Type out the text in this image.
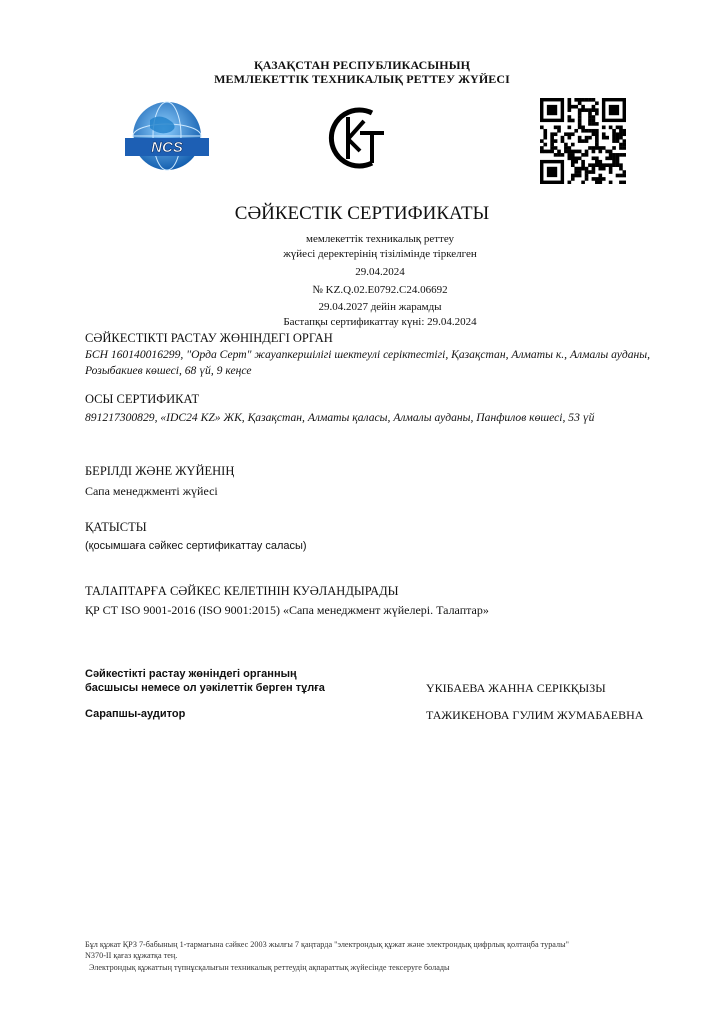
ҚАЗАҚСТАН РЕСПУБЛИКАСЫНЫҢ
МЕМЛЕКЕТТІК ТЕХНИКАЛЫҚ РЕТТЕУ ЖҮЙЕСІ
NCS
СӘЙКЕСТІК СЕРТИФИКАТЫ
мемлекеттік техникалық реттеу
жүйесі деректерінің тізілімінде тіркелген
29.04.2024
№ KZ.Q.02.E0792.C24.06692
29.04.2027 дейін жарамды
Бастапқы сертификаттау күні: 29.04.2024
СӘЙКЕСТІКТІ РАСТАУ ЖӨНІНДЕГІ ОРГАН
БСН 160140016299, "Орда Серт" жауапкершілігі шектеулі серіктестігі, Қазақстан, Алматы к., Алмалы ауданы,
Розыбакиев көшесі, 68 үй, 9 кеңсе
ОСЫ СЕРТИФИКАТ
891217300829, «IDC24 KZ» ЖК, Қазақстан, Алматы қаласы, Алмалы ауданы, Панфилов көшесі, 53 үй
БЕРІЛДІ ЖӘНЕ ЖҮЙЕНІҢ
Сапа менеджменті жүйесі
ҚАТЫСТЫ
(қосымшаға сәйкес сертификаттау саласы)
ТАЛАПТАРҒА СӘЙКЕС КЕЛЕТІНІН КУӘЛАНДЫРАДЫ
ҚР СТ ISO 9001-2016 (ISO 9001:2015) «Сапа менеджмент жүйелері. Талаптар»
Сәйкестікті растау жөніндегі органның
басшысы немесе ол уәкілеттік берген тұлға	ҮКІБАЕВА ЖАННА СЕРІКҚЫЗЫ
Сарапшы-аудитор	ТАЖИКЕНОВА ГУЛИМ ЖУМАБАЕВНА
Бұл құжат ҚРЗ 7-бабының 1-тармағына сәйкес 2003 жылғы 7 қаңтарда "электрондық құжат және электрондық цифрлық қолтаңба туралы"
N370-II қағаз құжатқа тең.
Электрондық құжаттың түпнұсқалығын техникалық реттеудің ақпараттық жүйесінде тексеруге болады
